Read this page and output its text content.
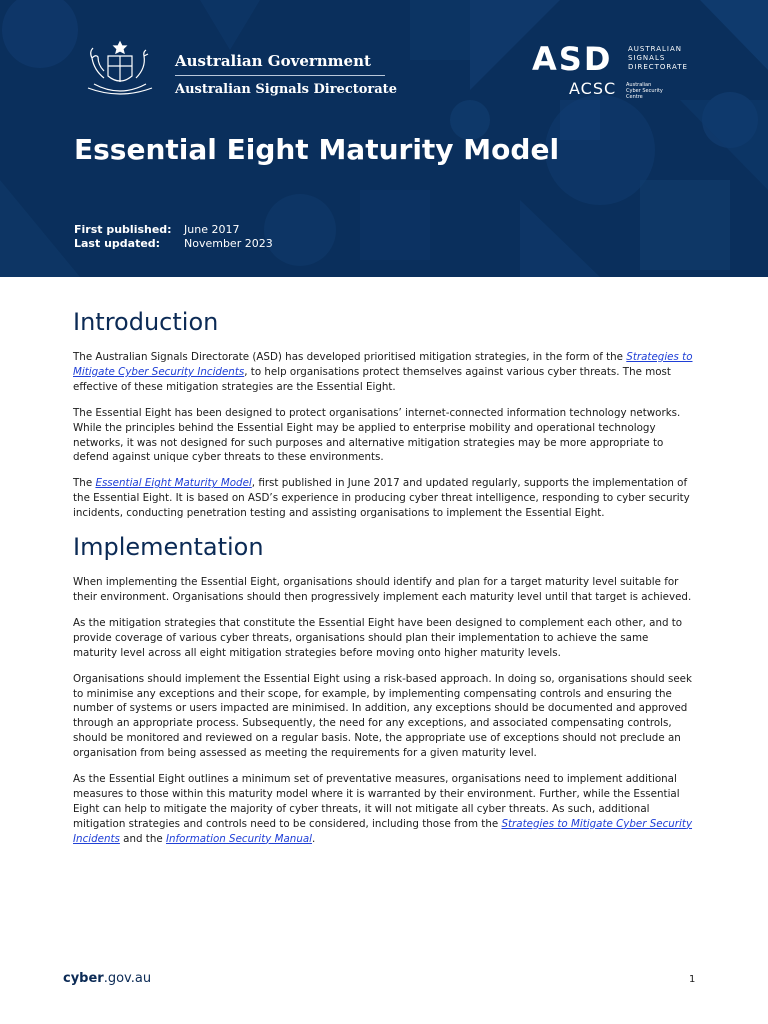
Australian Government
Australian Signals Directorate
ASD AUSTRALIAN
SIGNALS
DIRECTORATE
ACSC Australian
Cyber Security
Centre
Essential Eight Maturity Model
First published: June 2017
Last updated: November 2023
Introduction

The Australian Signals Directorate (ASD) has developed prioritised mitigation strategies, in the form of the Strategies to Mitigate Cyber Security Incidents, to help organisations protect themselves against various cyber threats. The most effective of these mitigation strategies are the Essential Eight.

The Essential Eight has been designed to protect organisations’ internet-connected information technology networks. While the principles behind the Essential Eight may be applied to enterprise mobility and operational technology networks, it was not designed for such purposes and alternative mitigation strategies may be more appropriate to defend against unique cyber threats to these environments.

The Essential Eight Maturity Model, first published in June 2017 and updated regularly, supports the implementation of the Essential Eight. It is based on ASD’s experience in producing cyber threat intelligence, responding to cyber security incidents, conducting penetration testing and assisting organisations to implement the Essential Eight.

Implementation

When implementing the Essential Eight, organisations should identify and plan for a target maturity level suitable for their environment. Organisations should then progressively implement each maturity level until that target is achieved.

As the mitigation strategies that constitute the Essential Eight have been designed to complement each other, and to provide coverage of various cyber threats, organisations should plan their implementation to achieve the same maturity level across all eight mitigation strategies before moving onto higher maturity levels.

Organisations should implement the Essential Eight using a risk-based approach. In doing so, organisations should seek to minimise any exceptions and their scope, for example, by implementing compensating controls and ensuring the number of systems or users impacted are minimised. In addition, any exceptions should be documented and approved through an appropriate process. Subsequently, the need for any exceptions, and associated compensating controls, should be monitored and reviewed on a regular basis. Note, the appropriate use of exceptions should not preclude an organisation from being assessed as meeting the requirements for a given maturity level.

As the Essential Eight outlines a minimum set of preventative measures, organisations need to implement additional measures to those within this maturity model where it is warranted by their environment. Further, while the Essential Eight can help to mitigate the majority of cyber threats, it will not mitigate all cyber threats. As such, additional mitigation strategies and controls need to be considered, including those from the Strategies to Mitigate Cyber Security Incidents and the Information Security Manual.

cyber.gov.au	1
